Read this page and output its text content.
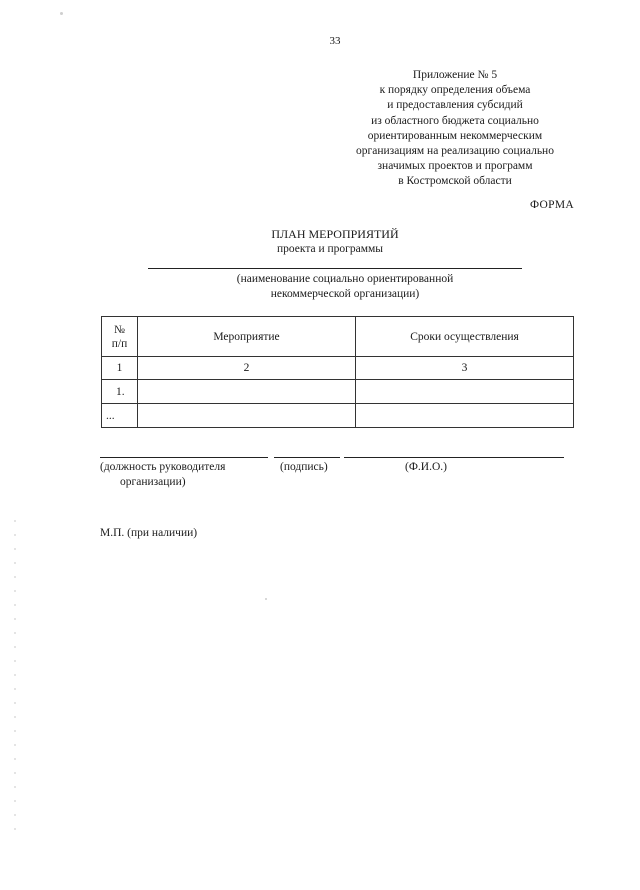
33
Приложение № 5
к порядку определения объема
и предоставления субсидий
из областного бюджета социально
ориентированным некоммерческим
организациям на реализацию социально
значимых проектов и программ
в Костромской области
ФОРМА
ПЛАН МЕРОПРИЯТИЙ
проекта и программы
(наименование социально ориентированной
некоммерческой организации)
№
п/п	Мероприятие	Сроки осуществления
1	2	3
1.		
...		
(должность руководителя
организации)
(подпись)	(Ф.И.О.)
М.П. (при наличии)
